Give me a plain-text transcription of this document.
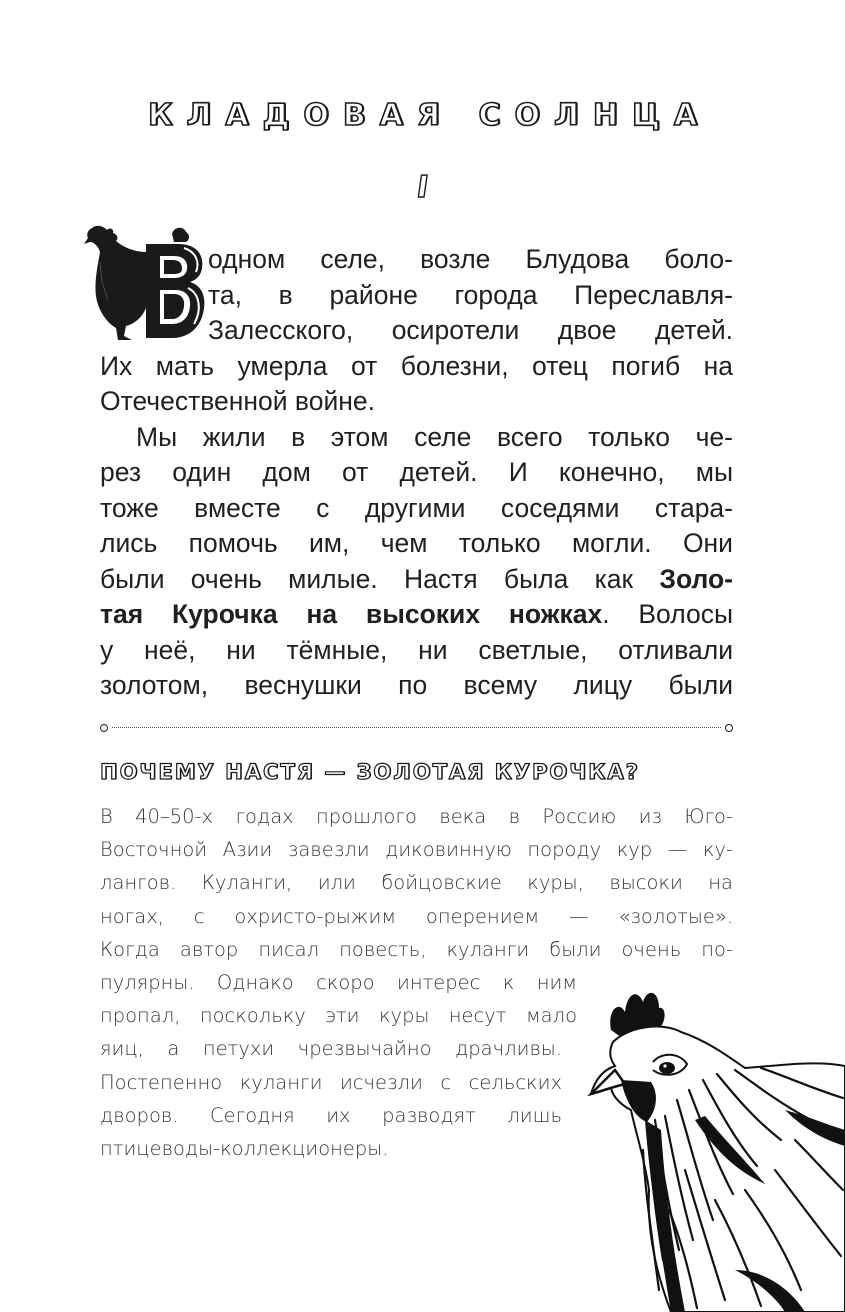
КЛАДОВАЯ СОЛНЦА
I
одном селе, возле Блудова боло-
та, в районе города Переславля-
Залесского, осиротели двое детей.
Их мать умерла от болезни, отец погиб на
Отечественной войне.
Мы жили в этом селе всего только че-
рез один дом от детей. И конечно, мы
тоже вместе с другими соседями стара-
лись помочь им, чем только могли. Они
были очень милые. Настя была как Золо-
тая Курочка на высоких ножках. Волосы
у неё, ни тёмные, ни светлые, отливали
золотом, веснушки по всему лицу были
ПОЧЕМУ НАСТЯ — ЗОЛОТАЯ КУРОЧКА?
В 40–50-х годах прошлого века в Россию из Юго-
Восточной Азии завезли диковинную породу кур — ку-
лангов. Куланги, или бойцовские куры, высоки на
ногах, с охристо-рыжим оперением — «золотые».
Когда автор писал повесть, куланги были очень по-
пулярны. Однако скоро интерес к ним
пропал, поскольку эти куры несут мало
яиц, а петухи чрезвычайно драчливы.
Постепенно куланги исчезли с сельских
дворов. Сегодня их разводят лишь
птицеводы-коллекционеры.
